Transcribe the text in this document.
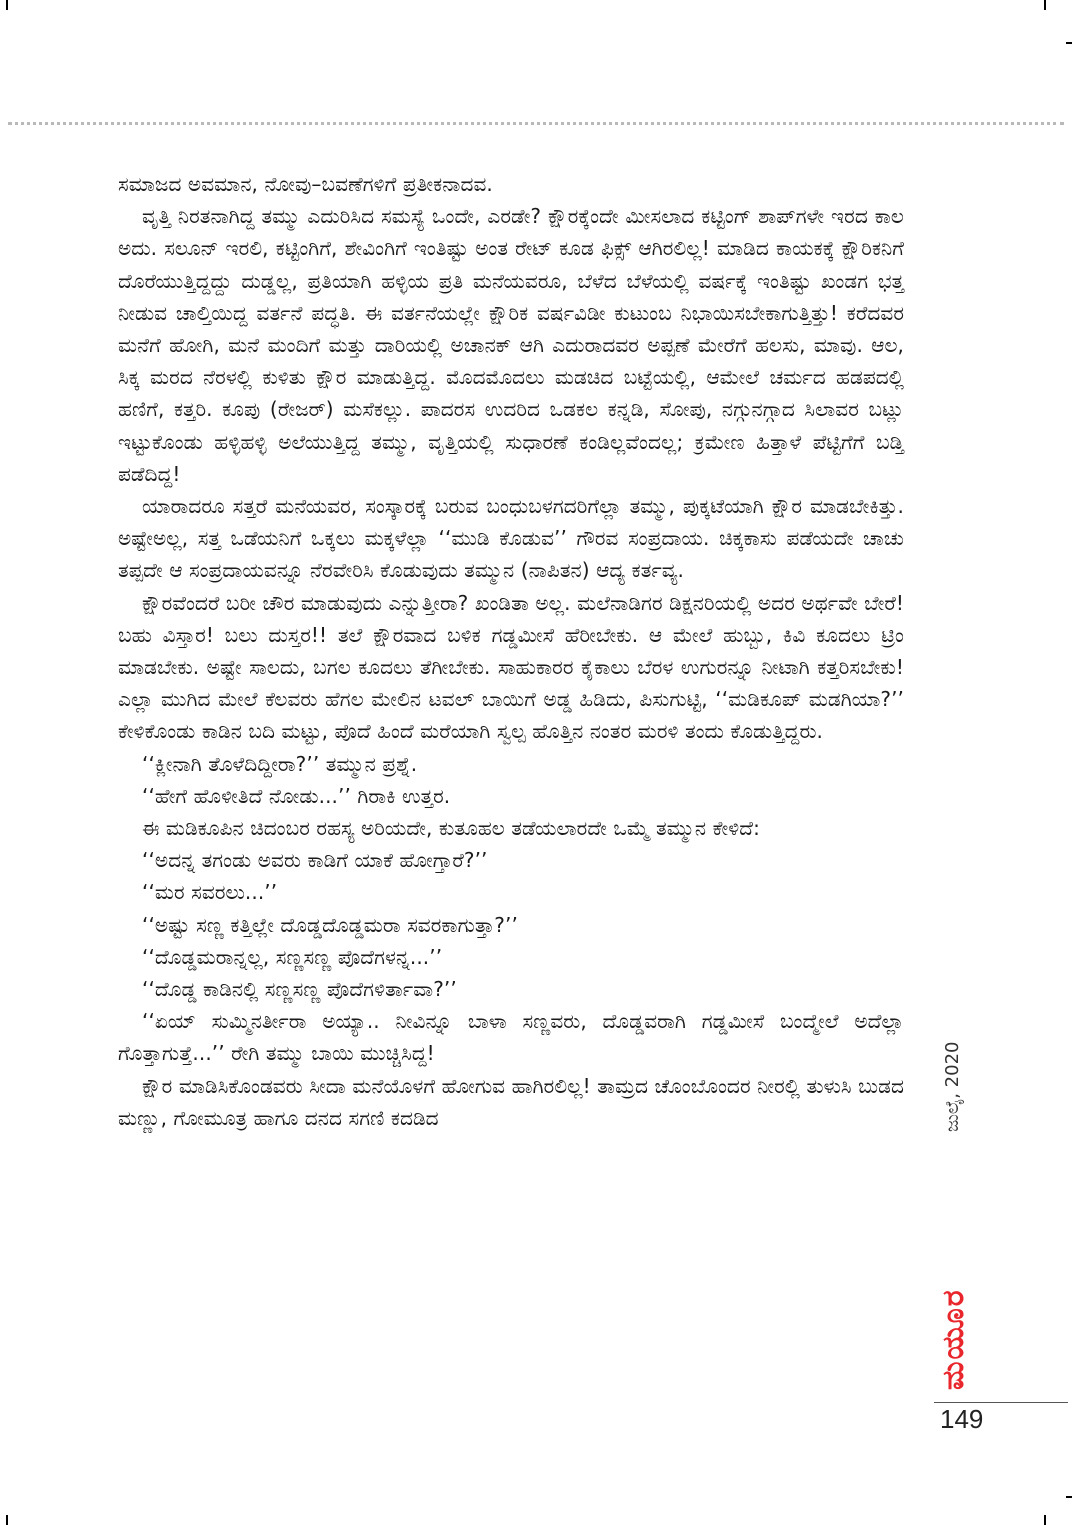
ಸಮಾಜದ ಅವಮಾನ, ನೋವು–ಬವಣೆಗಳಿಗೆ ಪ್ರತೀಕನಾದವ.

ವೃತ್ತಿ ನಿರತನಾಗಿದ್ದ ತಮ್ಮು ಎದುರಿಸಿದ ಸಮಸ್ಯೆ ಒಂದೇ, ಎರಡೇ? ಕ್ಷೌರಕ್ಕೆಂದೇ ಮೀಸಲಾದ ಕಟ್ಟಿಂಗ್ ಶಾಪ್‌ಗಳೇ ಇರದ ಕಾಲ ಅದು. ಸಲೂನ್ ಇರಲಿ, ಕಟ್ಟಿಂಗಿಗೆ, ಶೇವಿಂಗಿಗೆ ಇಂತಿಷ್ಟು ಅಂತ ರೇಟ್ ಕೂಡ ಫಿಕ್ಸ್ ಆಗಿರಲಿಲ್ಲ! ಮಾಡಿದ ಕಾಯಕಕ್ಕೆ ಕ್ಷೌರಿಕನಿಗೆ ದೊರೆಯುತ್ತಿದ್ದದ್ದು ದುಡ್ಡಲ್ಲ, ಪ್ರತಿಯಾಗಿ ಹಳ್ಳಿಯ ಪ್ರತಿ ಮನೆಯವರೂ, ಬೆಳೆದ ಬೆಳೆಯಲ್ಲಿ ವರ್ಷಕ್ಕೆ ಇಂತಿಷ್ಟು ಖಂಡಗ ಭತ್ತ ನೀಡುವ ಚಾಲ್ತಿಯಿದ್ದ ವರ್ತನೆ ಪದ್ಧತಿ. ಈ ವರ್ತನೆಯಲ್ಲೇ ಕ್ಷೌರಿಕ ವರ್ಷವಿಡೀ ಕುಟುಂಬ ನಿಭಾಯಿಸಬೇಕಾಗುತ್ತಿತ್ತು! ಕರೆದವರ ಮನೆಗೆ ಹೋಗಿ, ಮನೆ ಮಂದಿಗೆ ಮತ್ತು ದಾರಿಯಲ್ಲಿ ಅಚಾನಕ್ ಆಗಿ ಎದುರಾದವರ ಅಪ್ಪಣೆ ಮೇರೆಗೆ ಹಲಸು, ಮಾವು. ಆಲ, ಸಿಕ್ಕ ಮರದ ನೆರಳಲ್ಲಿ ಕುಳಿತು ಕ್ಷೌರ ಮಾಡುತ್ತಿದ್ದ. ಮೊದಮೊದಲು ಮಡಚಿದ ಬಟ್ಟೆಯಲ್ಲಿ, ಆಮೇಲೆ ಚರ್ಮದ ಹಡಪದಲ್ಲಿ ಹಣಿಗೆ, ಕತ್ತರಿ. ಕೂಪು (ರೇಜರ್) ಮಸೆಕಲ್ಲು. ಪಾದರಸ ಉದರಿದ ಒಡಕಲ ಕನ್ನಡಿ, ಸೋಪು, ನಗ್ಗುನಗ್ಗಾದ ಸಿಲಾವರ ಬಟ್ಲು ಇಟ್ಟುಕೊಂಡು ಹಳ್ಳಿಹಳ್ಳಿ ಅಲೆಯುತ್ತಿದ್ದ ತಮ್ಮು, ವೃತ್ತಿಯಲ್ಲಿ ಸುಧಾರಣೆ ಕಂಡಿಲ್ಲವೆಂದಲ್ಲ; ಕ್ರಮೇಣ ಹಿತ್ತಾಳೆ ಪೆಟ್ಟಿಗೆಗೆ ಬಡ್ತಿ ಪಡೆದಿದ್ದ!

ಯಾರಾದರೂ ಸತ್ತರೆ ಮನೆಯವರ, ಸಂಸ್ಕಾರಕ್ಕೆ ಬರುವ ಬಂಧುಬಳಗದರಿಗೆಲ್ಲಾ ತಮ್ಮು, ಪುಕ್ಕಟೆಯಾಗಿ ಕ್ಷೌರ ಮಾಡಬೇಕಿತ್ತು. ಅಷ್ಟೇಅಲ್ಲ, ಸತ್ತ ಒಡೆಯನಿಗೆ ಒಕ್ಕಲು ಮಕ್ಕಳೆಲ್ಲಾ ‘‘ಮುಡಿ ಕೊಡುವ’’ ಗೌರವ ಸಂಪ್ರದಾಯ. ಚಿಕ್ಕಕಾಸು ಪಡೆಯದೇ ಚಾಚು ತಪ್ಪದೇ ಆ ಸಂಪ್ರದಾಯವನ್ನೂ ನೆರವೇರಿಸಿ ಕೊಡುವುದು ತಮ್ಮುನ (ನಾಪಿತನ) ಆದ್ಯ ಕರ್ತವ್ಯ.

ಕ್ಷೌರವೆಂದರೆ ಬರೀ ಚೌರ ಮಾಡುವುದು ಎನ್ನುತ್ತೀರಾ? ಖಂಡಿತಾ ಅಲ್ಲ. ಮಲೆನಾಡಿಗರ ಡಿಕ್ಷನರಿಯಲ್ಲಿ ಅದರ ಅರ್ಥವೇ ಬೇರೆ! ಬಹು ವಿಸ್ತಾರ! ಬಲು ದುಸ್ತರ!! ತಲೆ ಕ್ಷೌರವಾದ ಬಳಿಕ ಗಡ್ಡಮೀಸೆ ಹೆರೀಬೇಕು. ಆ ಮೇಲೆ ಹುಬ್ಬು, ಕಿವಿ ಕೂದಲು ಟ್ರಿಂ ಮಾಡಬೇಕು. ಅಷ್ಟೇ ಸಾಲದು, ಬಗಲ ಕೂದಲು ತೆಗೀಬೇಕು. ಸಾಹುಕಾರರ ಕೈಕಾಲು ಬೆರಳ ಉಗುರನ್ನೂ ನೀಟಾಗಿ ಕತ್ತರಿಸಬೇಕು! ಎಲ್ಲಾ ಮುಗಿದ ಮೇಲೆ ಕೆಲವರು ಹೆಗಲ ಮೇಲಿನ ಟವಲ್ ಬಾಯಿಗೆ ಅಡ್ಡ ಹಿಡಿದು, ಪಿಸುಗುಟ್ಟಿ, ‘‘ಮಡಿಕೂಪ್ ಮಡಗಿಯಾ?’’ ಕೇಳಿಕೊಂಡು ಕಾಡಿನ ಬದಿ ಮಟ್ಟು, ಪೊದೆ ಹಿಂದೆ ಮರೆಯಾಗಿ ಸ್ವಲ್ಪ ಹೊತ್ತಿನ ನಂತರ ಮರಳಿ ತಂದು ಕೊಡುತ್ತಿದ್ದರು.

‘‘ಕ್ಲೀನಾಗಿ ತೊಳೆದಿದ್ದೀರಾ?’’ ತಮ್ಮುನ ಪ್ರಶ್ನೆ.

‘‘ಹೇಗೆ ಹೊಳೀತಿದೆ ನೋಡು...’’ ಗಿರಾಕಿ ಉತ್ತರ.

ಈ ಮಡಿಕೂಪಿನ ಚಿದಂಬರ ರಹಸ್ಯ ಅರಿಯದೇ, ಕುತೂಹಲ ತಡೆಯಲಾರದೇ ಒಮ್ಮೆ ತಮ್ಮುನ ಕೇಳಿದೆ:

‘‘ಅದನ್ನ ತಗಂಡು ಅವರು ಕಾಡಿಗೆ ಯಾಕೆ ಹೋಗ್ತಾರೆ?’’

‘‘ಮರ ಸವರಲು...’’

‘‘ಅಷ್ಟು ಸಣ್ಣ ಕತ್ತಿಲ್ಲೇ ದೊಡ್ಡದೊಡ್ಡಮರಾ ಸವರಕಾಗುತ್ತಾ?’’

‘‘ದೊಡ್ಡಮರಾನ್ನಲ್ಲ, ಸಣ್ಣಸಣ್ಣ ಪೊದೆಗಳನ್ನ...’’

‘‘ದೊಡ್ಡ ಕಾಡಿನಲ್ಲಿ ಸಣ್ಣಸಣ್ಣ ಪೊದೆಗಳಿರ್ತಾವಾ?’’

‘‘ಏಯ್ ಸುಮ್ಮಿನರ್ತೀರಾ ಅಯ್ಯಾ.. ನೀವಿನ್ನೂ ಬಾಳಾ ಸಣ್ಣವರು, ದೊಡ್ಡವರಾಗಿ ಗಡ್ಡಮೀಸೆ ಬಂದ್ಮೇಲೆ ಅದೆಲ್ಲಾ ಗೊತ್ತಾಗುತ್ತೆ...’’ ರೇಗಿ ತಮ್ಮು ಬಾಯಿ ಮುಚ್ಚಿಸಿದ್ದ!

ಕ್ಷೌರ ಮಾಡಿಸಿಕೊಂಡವರು ಸೀದಾ ಮನೆಯೊಳಗೆ ಹೋಗುವ ಹಾಗಿರಲಿಲ್ಲ! ತಾಮ್ರದ ಚೊಂಬೊಂದರ ನೀರಲ್ಲಿ ತುಳುಸಿ ಬುಡದ ಮಣ್ಣು, ಗೋಮೂತ್ರ ಹಾಗೂ ದನದ ಸಗಣಿ ಕದಡಿದ	ಜುಲೈ, 2020
ಮಯೂರ
149
